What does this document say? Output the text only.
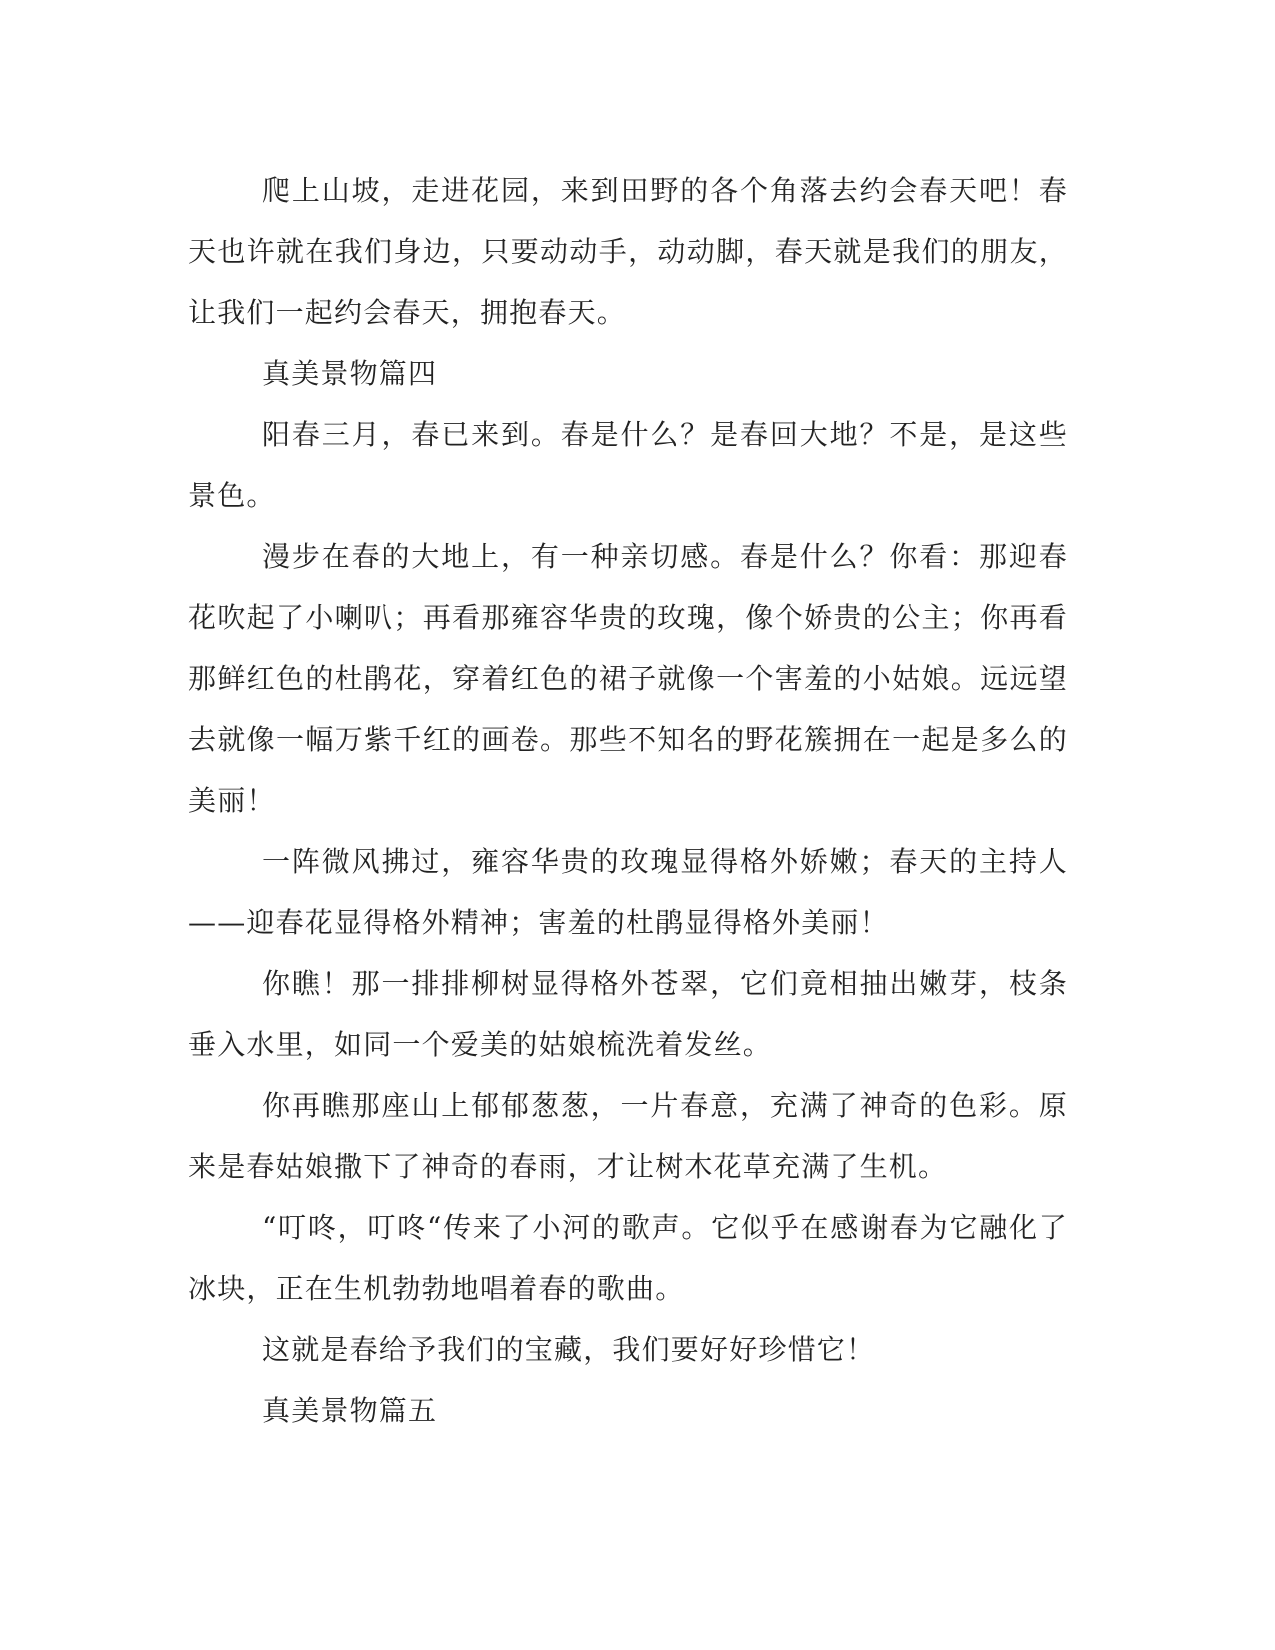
爬上山坡，走进花园，来到田野的各个角落去约会春天吧！春天也许就在我们身边，只要动动手，动动脚，春天就是我们的朋友，让我们一起约会春天，拥抱春天。

真美景物篇四

阳春三月，春已来到。春是什么？是春回大地？不是，是这些景色。

漫步在春的大地上，有一种亲切感。春是什么？你看：那迎春花吹起了小喇叭；再看那雍容华贵的玫瑰，像个娇贵的公主；你再看那鲜红色的杜鹃花，穿着红色的裙子就像一个害羞的小姑娘。远远望去就像一幅万紫千红的画卷。那些不知名的野花簇拥在一起是多么的美丽！

一阵微风拂过，雍容华贵的玫瑰显得格外娇嫩；春天的主持人——迎春花显得格外精神；害羞的杜鹃显得格外美丽！

你瞧！那一排排柳树显得格外苍翠，它们竟相抽出嫩芽，枝条垂入水里，如同一个爱美的姑娘梳洗着发丝。

你再瞧那座山上郁郁葱葱，一片春意，充满了神奇的色彩。原来是春姑娘撒下了神奇的春雨，才让树木花草充满了生机。

“叮咚，叮咚“传来了小河的歌声。它似乎在感谢春为它融化了冰块，正在生机勃勃地唱着春的歌曲。

这就是春给予我们的宝藏，我们要好好珍惜它！

真美景物篇五
